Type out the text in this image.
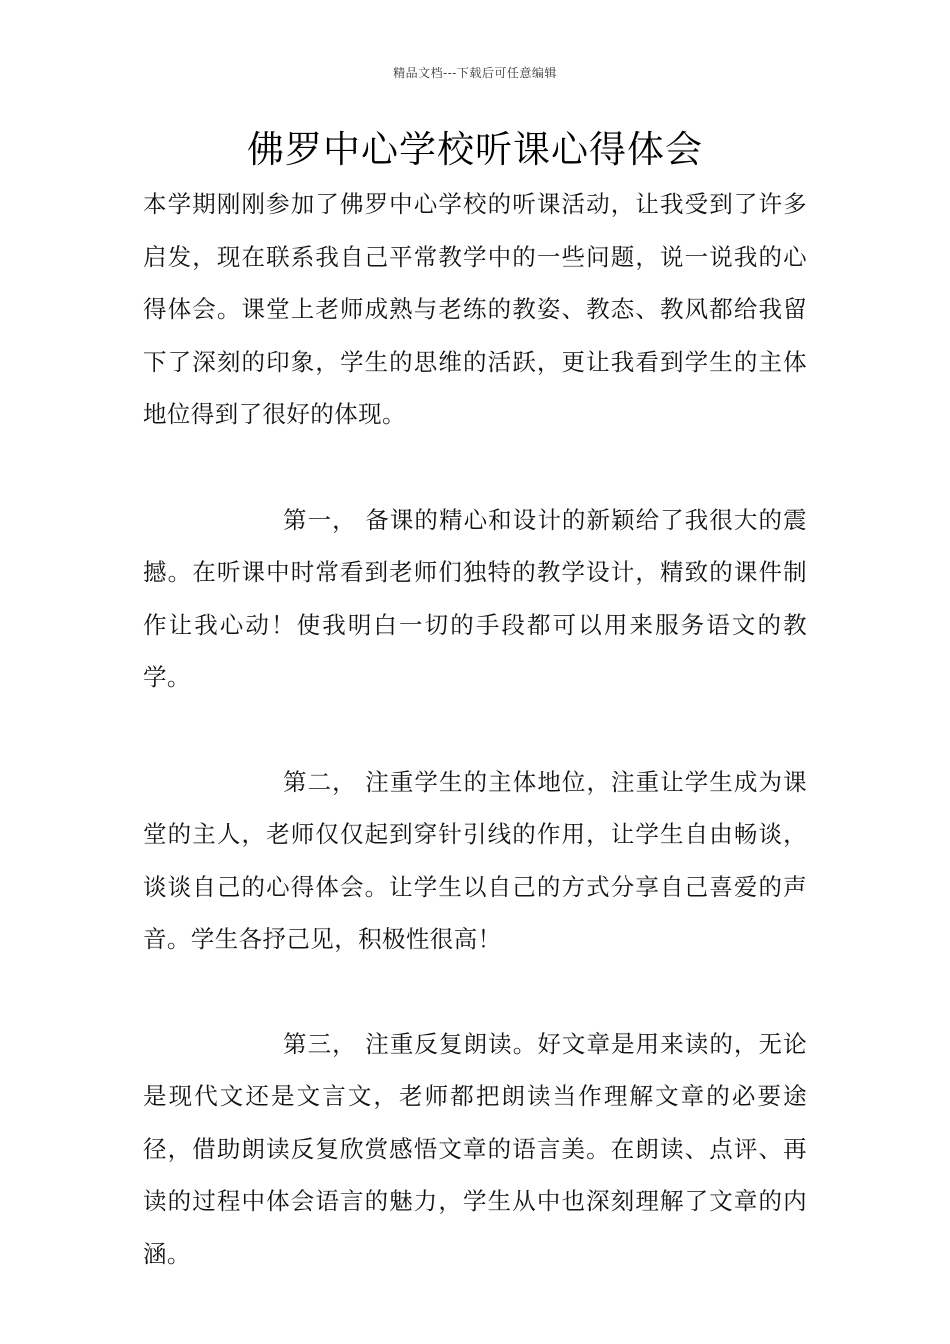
精品文档---下载后可任意编辑
佛罗中心学校听课心得体会

本学期刚刚参加了佛罗中心学校的听课活动，让我受到了许多启发，现在联系我自己平常教学中的一些问题，说一说我的心得体会。课堂上老师成熟与老练的教姿、教态、教风都给我留下了深刻的印象，学生的思维的活跃，更让我看到学生的主体地位得到了很好的体现。

第一， 备课的精心和设计的新颖给了我很大的震撼。在听课中时常看到老师们独特的教学设计，精致的课件制作让我心动！使我明白一切的手段都可以用来服务语文的教学。

第二， 注重学生的主体地位，注重让学生成为课堂的主人，老师仅仅起到穿针引线的作用，让学生自由畅谈，谈谈自己的心得体会。让学生以自己的方式分享自己喜爱的声音。学生各抒己见，积极性很高！

第三， 注重反复朗读。好文章是用来读的，无论是现代文还是文言文，老师都把朗读当作理解文章的必要途径，借助朗读反复欣赏感悟文章的语言美。在朗读、点评、再读的过程中体会语言的魅力，学生从中也深刻理解了文章的内涵。
